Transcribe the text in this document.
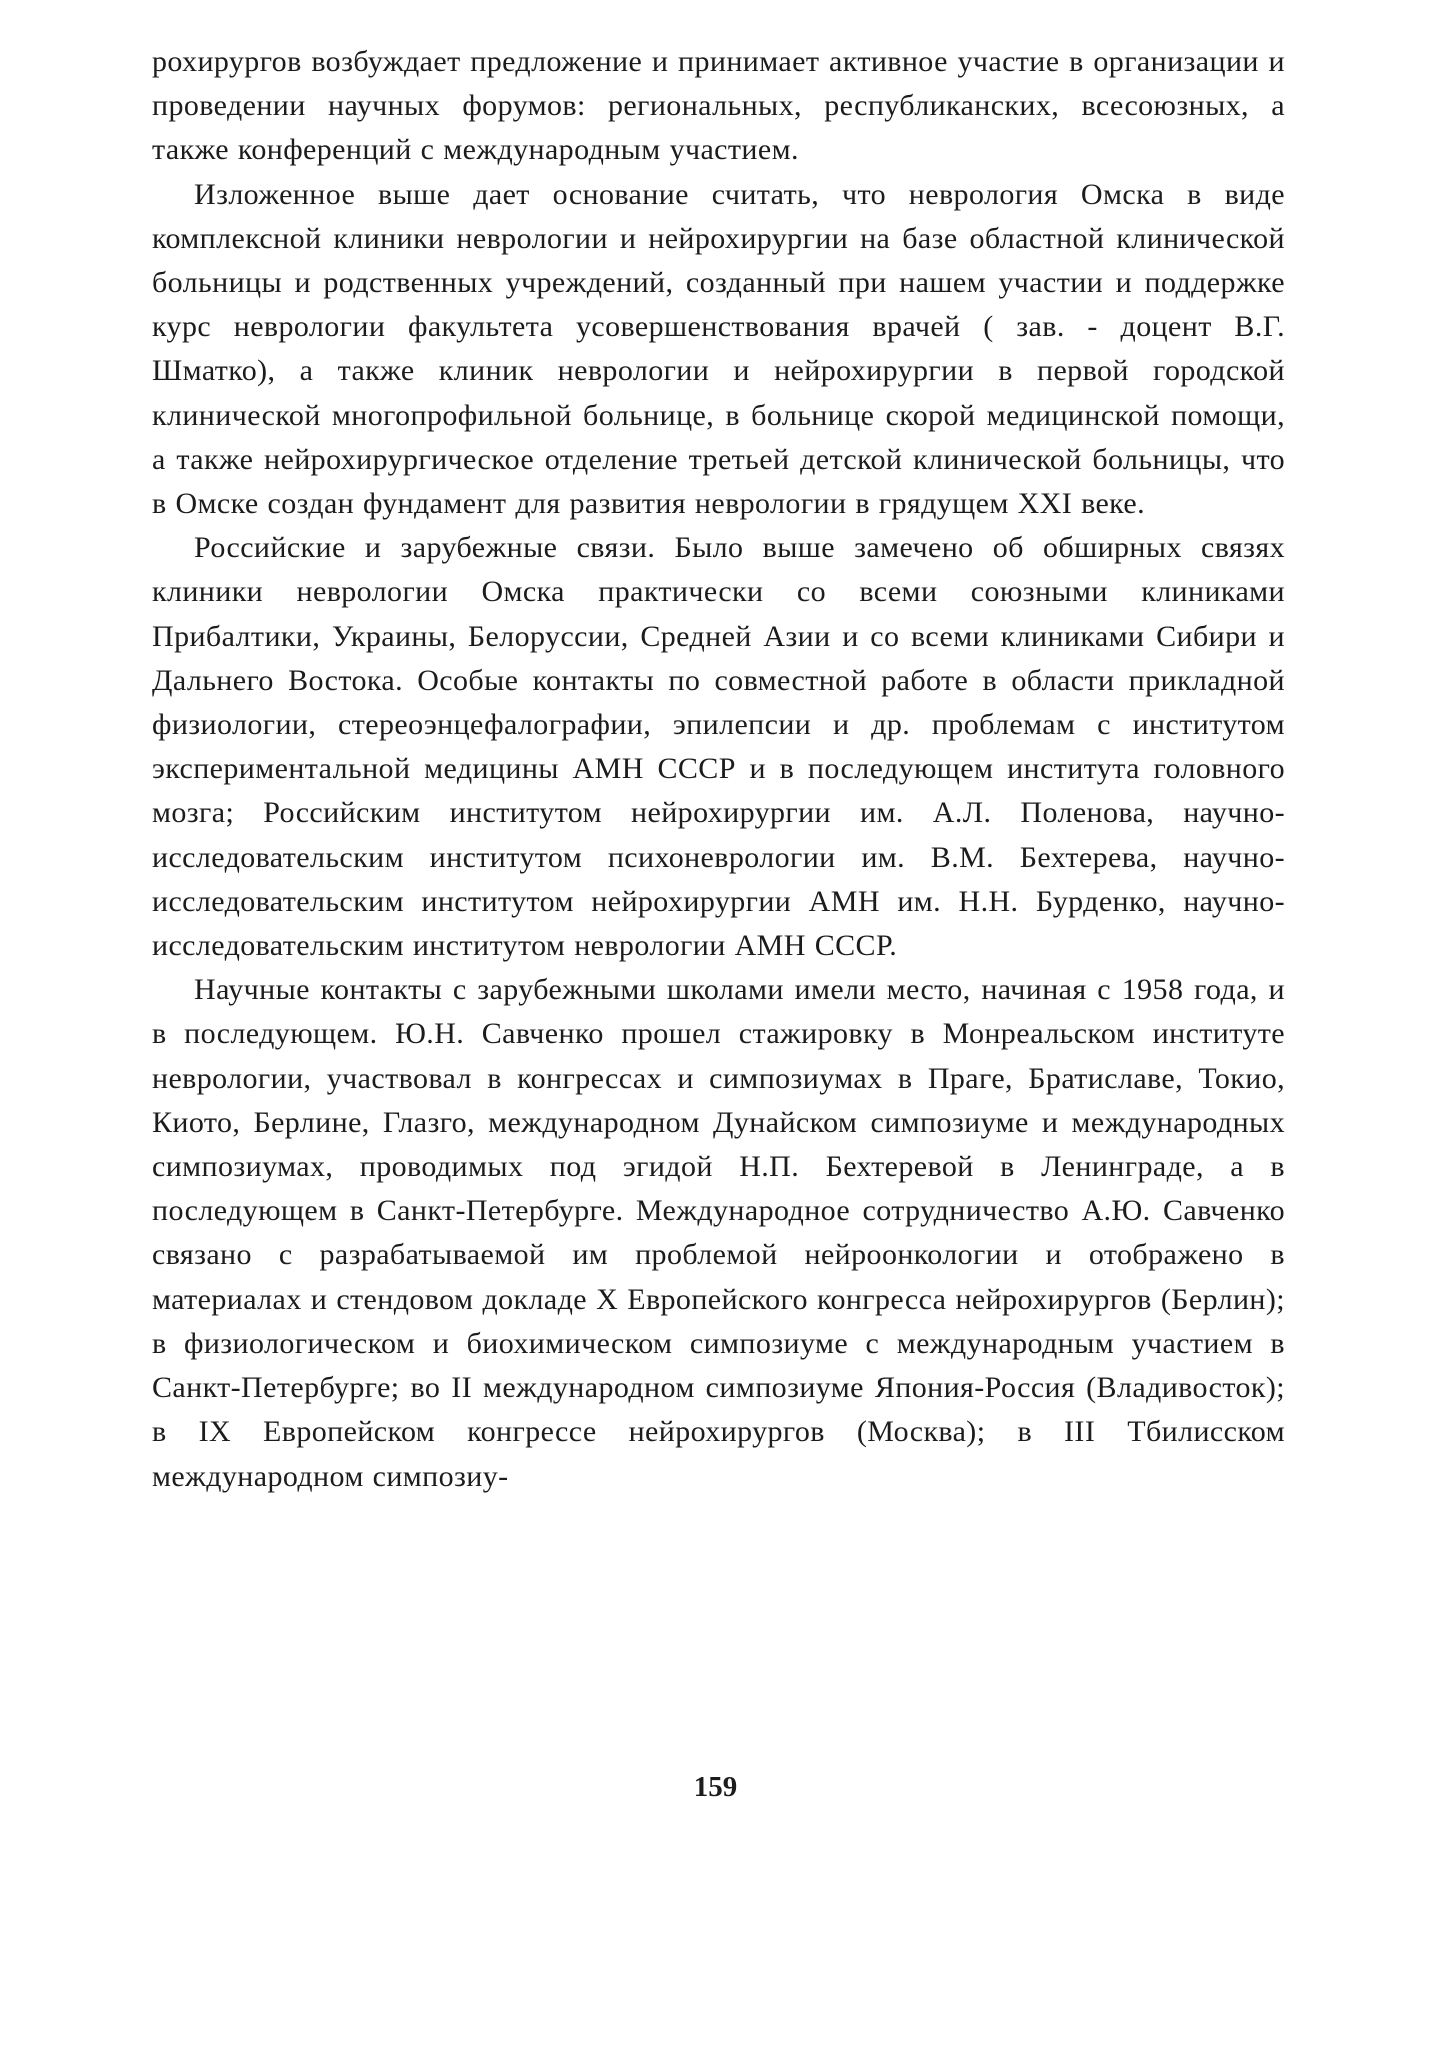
рохирургов возбуждает предложение и принимает активное участие в организации и проведении научных форумов: региональных, республиканских, всесоюзных, а также конференций с международным участием.

Изложенное выше дает основание считать, что неврология Омска в виде комплексной клиники неврологии и нейрохирургии на базе областной клинической больницы и родственных учреждений, созданный при нашем участии и поддержке курс неврологии факультета усовершенствования врачей ( зав. - доцент В.Г. Шматко), а также клиник неврологии и нейрохирургии в первой городской клинической многопрофильной больнице, в больнице скорой медицинской помощи, а также нейрохирургическое отделение третьей детской клинической больницы, что в Омске создан фундамент для развития неврологии в грядущем XXI веке.

Российские и зарубежные связи. Было выше замечено об обширных связях клиники неврологии Омска практически со всеми союзными клиниками Прибалтики, Украины, Белоруссии, Средней Азии и со всеми клиниками Сибири и Дальнего Востока. Особые контакты по совместной работе в области прикладной физиологии, стереоэнцефалографии, эпилепсии и др. проблемам с институтом экспериментальной медицины АМН СССР и в последующем института головного мозга; Российским институтом нейрохирургии им. А.Л. Поленова, научно-исследовательским институтом психоневрологии им. В.М. Бехтерева, научно-исследовательским институтом нейрохирургии АМН им. Н.Н. Бурденко, научно-исследовательским институтом неврологии АМН СССР.

Научные контакты с зарубежными школами имели место, начиная с 1958 года, и в последующем. Ю.Н. Савченко прошел стажировку в Монреальском институте неврологии, участвовал в конгрессах и симпозиумах в Праге, Братиславе, Токио, Киото, Берлине, Глазго, международном Дунайском симпозиуме и международных симпозиумах, проводимых под эгидой Н.П. Бехтеревой в Ленинграде, а в последующем в Санкт-Петербурге. Международное сотрудничество А.Ю. Савченко связано с разрабатываемой им проблемой нейроонкологии и отображено в материалах и стендовом докладе X Европейского конгресса нейрохирургов (Берлин); в физиологическом и биохимическом симпозиуме с международным участием в Санкт-Петербурге; во II международном симпозиуме Япония-Россия (Владивосток); в IX Европейском конгрессе нейрохирургов (Москва); в III Тбилисском международном симпозиу-

159
